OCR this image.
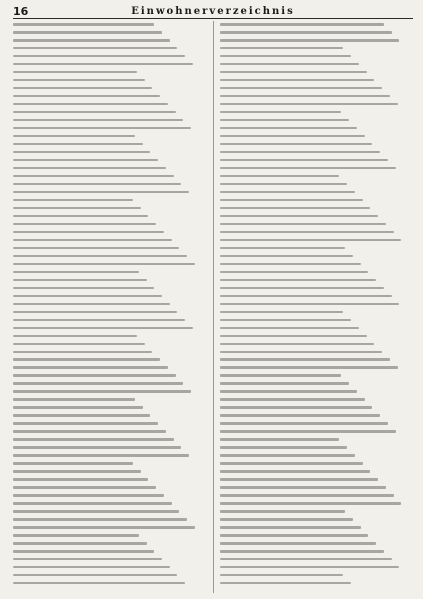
16	Einwohnerverzeichnis
